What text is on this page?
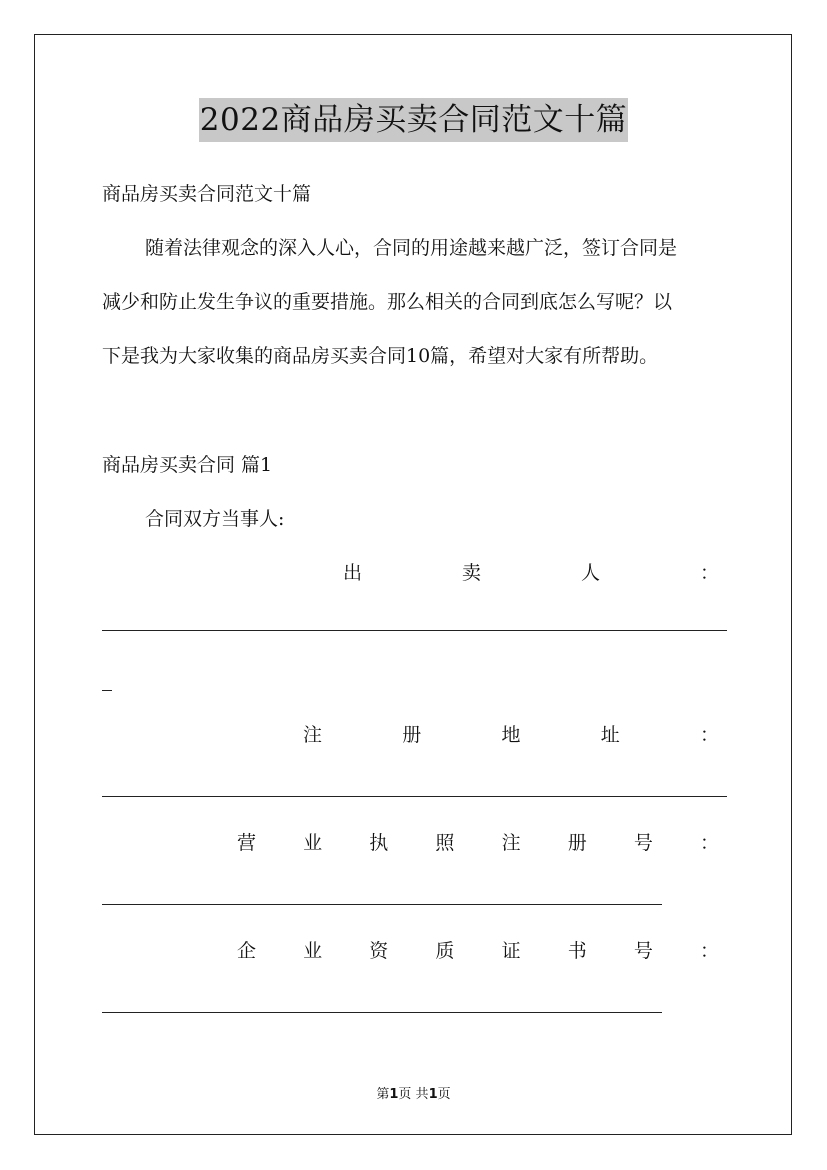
2022商品房买卖合同范文十篇
商品房买卖合同范文十篇
随着法律观念的深入人心，合同的用途越来越广泛，签订合同是
减少和防止发生争议的重要措施。那么相关的合同到底怎么写呢？以
下是我为大家收集的商品房买卖合同10篇，希望对大家有所帮助。
商品房买卖合同 篇1
合同双方当事人:
出	卖	人	：
注	册	地	址	：
营 业 执 照 注 册 号 ：
企 业 资 质 证 书 号 ：
第1页 共1页
